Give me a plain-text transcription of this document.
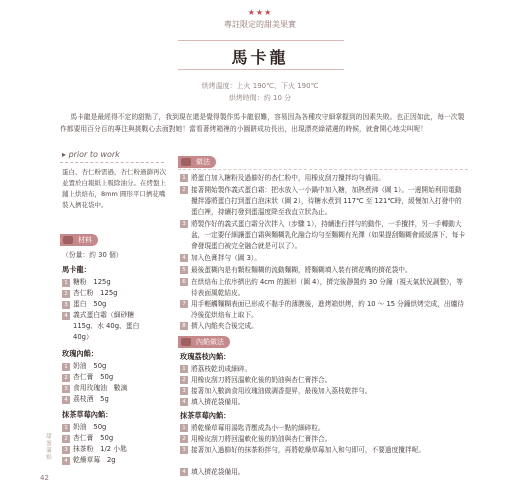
★★★
專註限定的甜美果實
馬卡龍
烘烤溫度：上火 190℃、下火 190℃
烘烤時間：約 10 分

馬卡龍是最經得不定的甜點了，我到現在還是覺得製作馬卡龍很難，容易因為各種攻守細掌握到的因素失敗。也正因如此，每一次製作都要用百分百的專注與挑戰心去面對她！當看著烤箱裡的小圓餅成功長出，出現漂亮綠裙邊的時候，就會開心地尖叫呢！

▸ prior to work

蛋白、杏仁粉需過，杏仁粉過篩再次並置於白報紙上吸除油分。在烤盤上鋪上烘焙布，8mm 圓形平口擠花嘴裝入擠花袋中。

材料
（份量：約 30 個）
馬卡龍：
1 糖粉　125g
2 杏仁粉　125g
3 蛋白　50g
4 義式蛋白霜（細砂糖
115g、水 40g、蛋白
40g）
玫瑰內餡：
1 奶油　50g
2 杏仁膏　50g
3 食用玫瑰油　數滴
4 荔枝酒　5g
抹茶草莓內餡：
1 奶油　50g
2 杏仁膏　50g
3 抹茶粉　1/2 小匙
4 乾燥草莓　2g
做法
1 將蛋白加入糖粉及過篩好的杏仁粉中，用橡皮刮刀攪拌均勻備用。
2 接著開始製作義式蛋白霜：把水放入一小鍋中加入糖，加熱煮沸（圖 1）。一邊開始利用電動攪拌器將蛋白打到蛋白泡沫狀（圖 2），待糖水煮到 117℃ 至 121℃時，緩慢加入打發中的蛋白裡，持續打發到蛋溫度降至我直立狀為止。
3 將製作好的義式蛋白霜分次拌入（步驟 1），持續進行拌勻的動作，一手攪拌，另一手轉動大盆，一定要仔細讓蛋白霜與麵糊乳化融合均勻至麵糊有光澤（如果提刮麵糊會緩緩落下，每卡會發現蛋白被完全融合就是可以了）。
4 加入色膏拌勻（圖 3）。
5 最後蛋糊內是有顆粒麵糊的流動麵糊，將麵糊填入裝有擠花嘴的擠花袋中。
6 在烘焙布上依序擠出約 4cm 的圓形（圖 4），擠完後靜置約 30 分鐘（視天氣狀況調整），等待表面風乾結皮。
7 用手輕觸麵糊表面已形成不黏手的薄膜後，進烤箱烘烤，約 10 ～ 15 分鐘烘烤完成，出爐待冷後從烘焙布上取下。
8 擠入內餡夾合後完成。
內餡做法
玫瑰荔枝內餡：
1 將荔枝乾切成細碎。
2 用橡皮刮刀將回溫軟化後的奶油與杏仁膏拌合。
3 接著加入數滴食用玫瑰油做調香提昇，最後加入荔枝乾拌勻。
4 填入擠花袋備用。
抹茶草莓內餡：
1 將乾燥草莓用湯匙背壓成為小一點的細碎粒。
2 用橡皮刮刀將回溫軟化後的奶油與杏仁膏拌合。
3 接著加入過篩好的抹茶粉拌勻，再將乾燥草莓加入和勻即可，不要過度攪拌呢。
4 填入擠花袋備用。
甜蜜滿點
42
